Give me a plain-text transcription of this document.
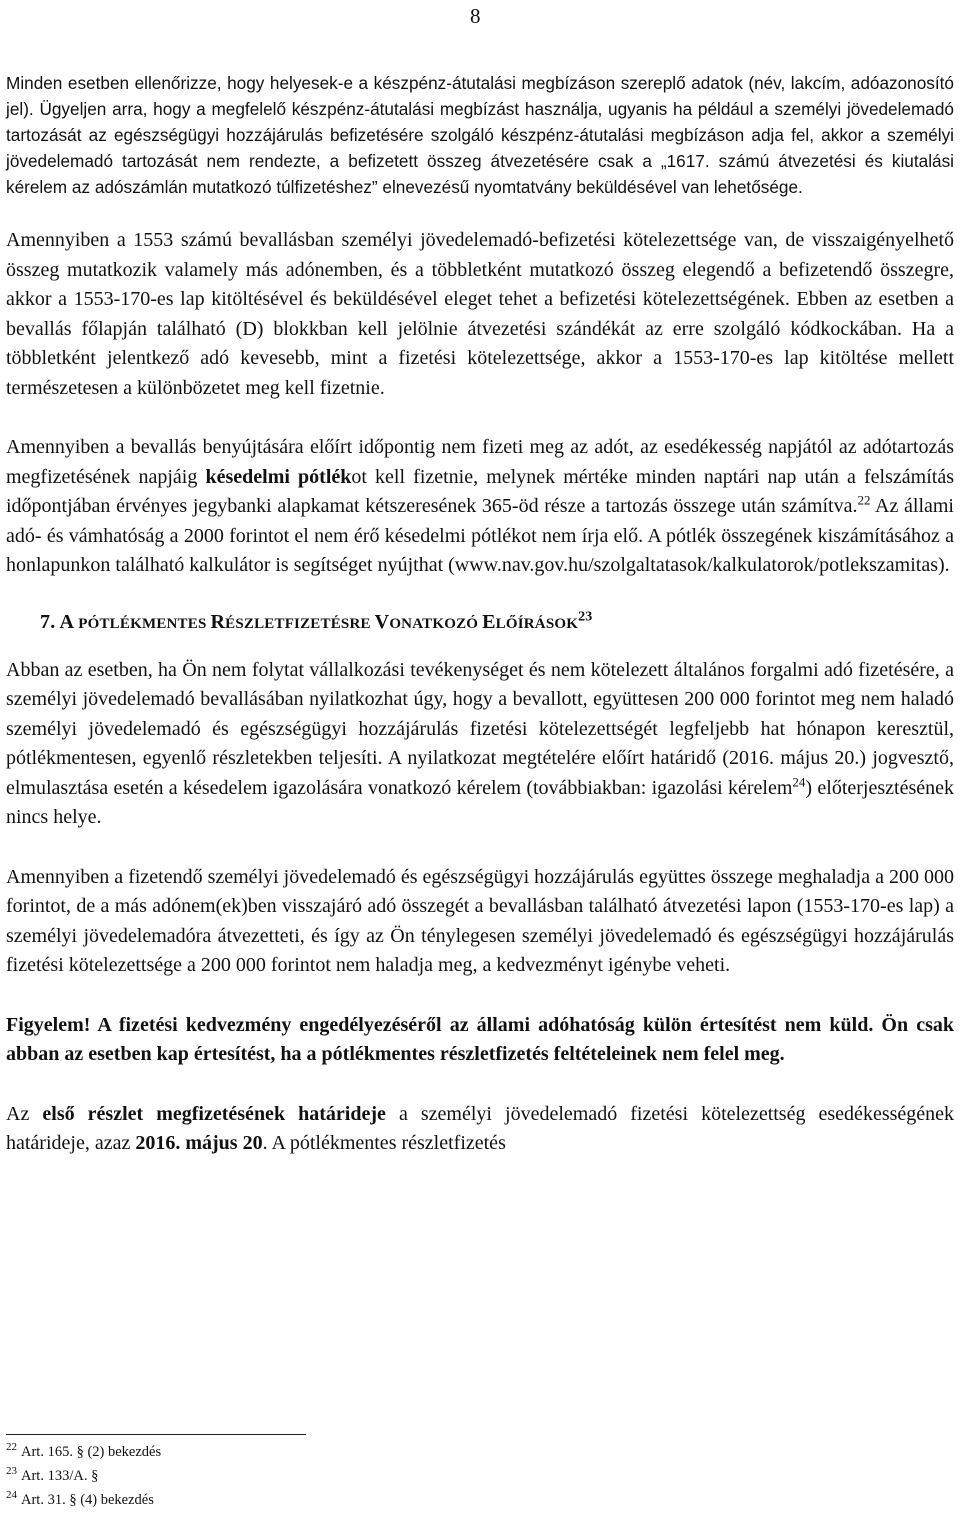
8

Minden esetben ellenőrizze, hogy helyesek-e a készpénz-átutalási megbízáson szereplő adatok (név, lakcím, adóazonosító jel). Ügyeljen arra, hogy a megfelelő készpénz-átutalási megbízást használja, ugyanis ha például a személyi jövedelemadó tartozását az egészségügyi hozzájárulás befizetésére szolgáló készpénz-átutalási megbízáson adja fel, akkor a személyi jövedelemadó tartozását nem rendezte, a befizetett összeg átvezetésére csak a „1617. számú átvezetési és kiutalási kérelem az adószámlán mutatkozó túlfizetéshez” elnevezésű nyomtatvány beküldésével van lehetősége.

Amennyiben a 1553 számú bevallásban személyi jövedelemadó-befizetési kötelezettsége van, de visszaigényelhető összeg mutatkozik valamely más adónemben, és a többletként mutatkozó összeg elegendő a befizetendő összegre, akkor a 1553-170-es lap kitöltésével és beküldésével eleget tehet a befizetési kötelezettségének. Ebben az esetben a bevallás főlapján található (D) blokkban kell jelölnie átvezetési szándékát az erre szolgáló kódkockában. Ha a többletként jelentkező adó kevesebb, mint a fizetési kötelezettsége, akkor a 1553-170-es lap kitöltése mellett természetesen a különbözetet meg kell fizetnie.

Amennyiben a bevallás benyújtására előírt időpontig nem fizeti meg az adót, az esedékesség napjától az adótartozás megfizetésének napjáig késedelmi pótlékot kell fizetnie, melynek mértéke minden naptári nap után a felszámítás időpontjában érvényes jegybanki alapkamat kétszeresének 365-öd része a tartozás összege után számítva.$^{22}$ Az állami adó- és vámhatóság a 2000 forintot el nem érő késedelmi pótlékot nem írja elő. A pótlék összegének kiszámításához a honlapunkon található kalkulátor is segítséget nyújthat (www.nav.gov.hu/szolgaltatasok/kalkulatorok/potlekszamitas).

7. A PÓTLÉKMENTES RÉSZLETFIZETÉSRE VONATKOZÓ ELŐÍRÁSOK$^{23}$

Abban az esetben, ha Ön nem folytat vállalkozási tevékenységet és nem kötelezett általános forgalmi adó fizetésére, a személyi jövedelemadó bevallásában nyilatkozhat úgy, hogy a bevallott, együttesen 200 000 forintot meg nem haladó személyi jövedelemadó és egészségügyi hozzájárulás fizetési kötelezettségét legfeljebb hat hónapon keresztül, pótlékmentesen, egyenlő részletekben teljesíti. A nyilatkozat megtételére előírt határidő (2016. május 20.) jogvesztő, elmulasztása esetén a késedelem igazolására vonatkozó kérelem (továbbiakban: igazolási kérelem$^{24}$) előterjesztésének nincs helye.

Amennyiben a fizetendő személyi jövedelemadó és egészségügyi hozzájárulás együttes összege meghaladja a 200 000 forintot, de a más adónem(ek)ben visszajáró adó összegét a bevallásban található átvezetési lapon (1553-170-es lap) a személyi jövedelemadóra átvezetteti, és így az Ön ténylegesen személyi jövedelemadó és egészségügyi hozzájárulás fizetési kötelezettsége a 200 000 forintot nem haladja meg, a kedvezményt igénybe veheti.

Figyelem! A fizetési kedvezmény engedélyezéséről az állami adóhatóság külön értesítést nem küld. Ön csak abban az esetben kap értesítést, ha a pótlékmentes részletfizetés feltételeinek nem felel meg.

Az első részlet megfizetésének határideje a személyi jövedelemadó fizetési kötelezettség esedékességének határideje, azaz 2016. május 20. A pótlékmentes részletfizetés

$^{22}$ Art. 165. § (2) bekezdés
$^{23}$ Art. 133/A. §
$^{24}$ Art. 31. § (4) bekezdés
